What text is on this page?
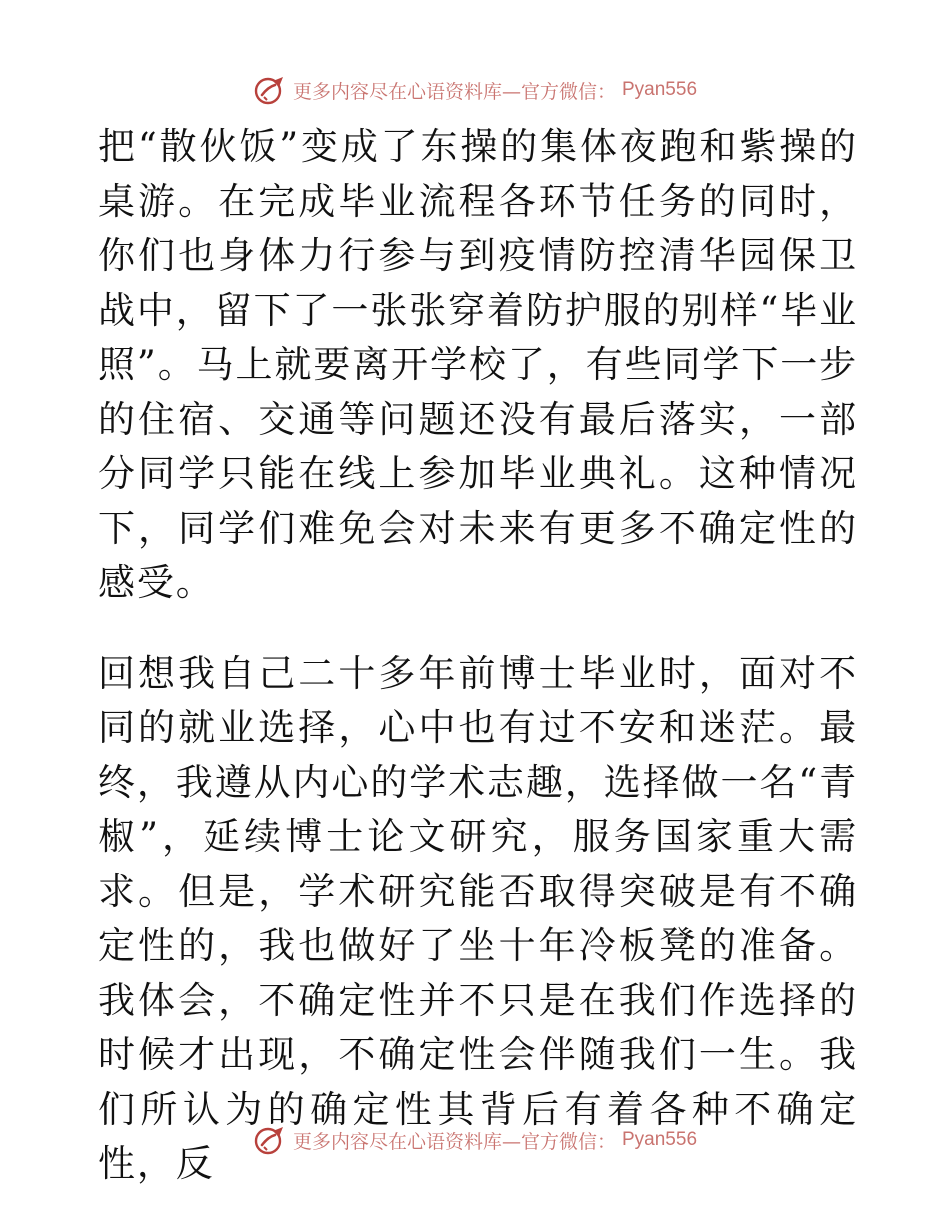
更多内容尽在心语资料库—官方微信： Pyan556

把“散伙饭”变成了东操的集体夜跑和紫操的桌游。在完成毕业流程各环节任务的同时，你们也身体力行参与到疫情防控清华园保卫战中，留下了一张张穿着防护服的别样“毕业照”。马上就要离开学校了，有些同学下一步的住宿、交通等问题还没有最后落实，一部分同学只能在线上参加毕业典礼。这种情况下，同学们难免会对未来有更多不确定性的感受。

回想我自己二十多年前博士毕业时，面对不同的就业选择，心中也有过不安和迷茫。最终，我遵从内心的学术志趣，选择做一名“青椒”，延续博士论文研究，服务国家重大需求。但是，学术研究能否取得突破是有不确定性的，我也做好了坐十年冷板凳的准备。我体会，不确定性并不只是在我们作选择的时候才出现，不确定性会伴随我们一生。我们所认为的确定性其背后有着各种不确定性，反

更多内容尽在心语资料库—官方微信： Pyan556
